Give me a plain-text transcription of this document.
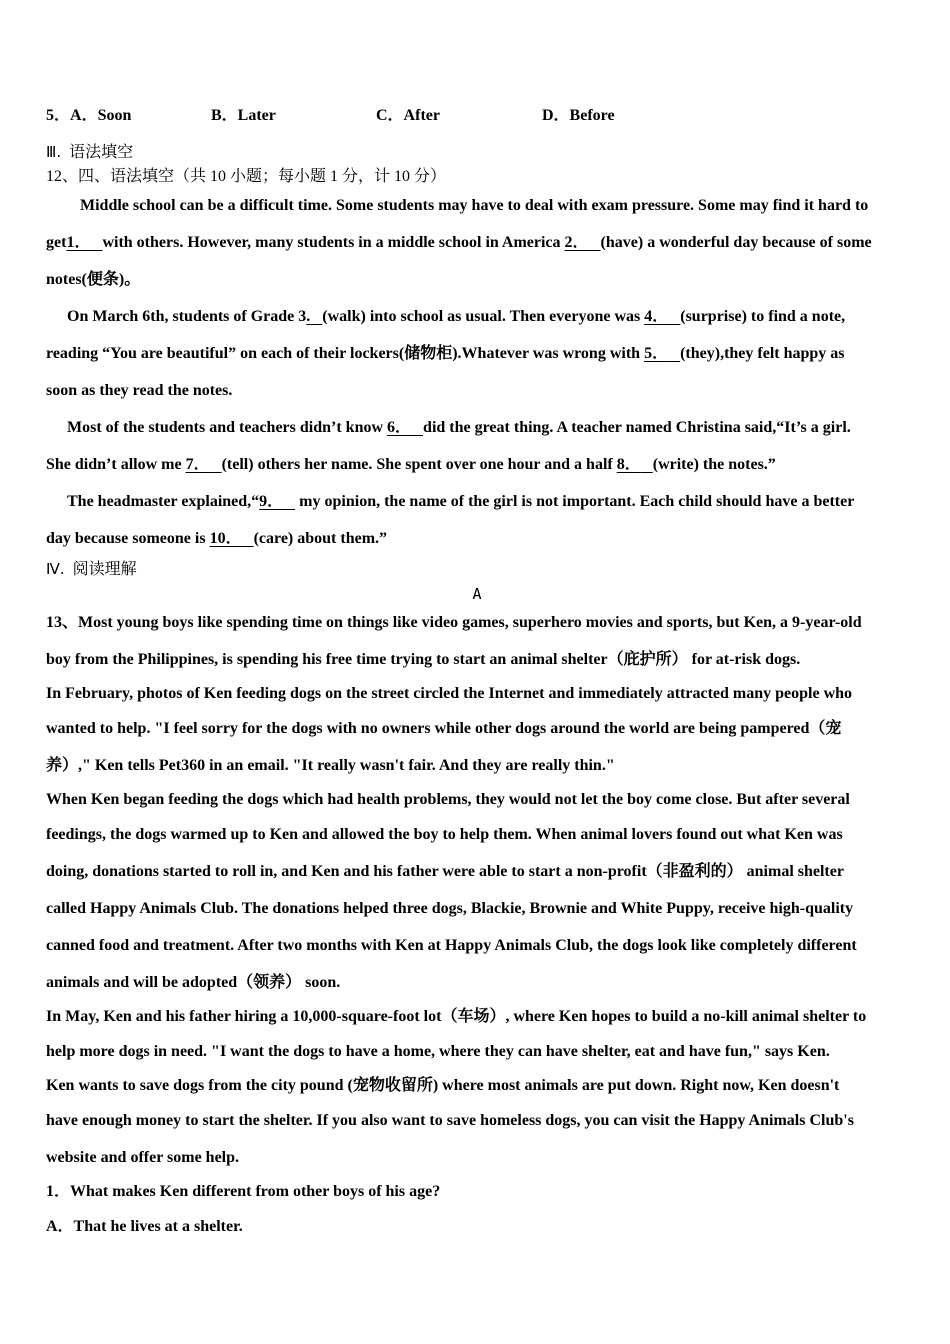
5．A．Soon	B．Later	C．After	D．Before
Ⅲ. 语法填空
12、四、语法填空（共 10 小题；每小题 1 分，计 10 分）

Middle school can be a difficult time. Some students may have to deal with exam pressure. Some may find it hard to

get1． with others. However, many students in a middle school in America 2． (have) a wonderful day because of some

notes(便条)。

On March 6th, students of Grade 3. (walk) into school as usual. Then everyone was 4． (surprise) to find a note,

reading “You are beautiful” on each of their lockers(储物柜).Whatever was wrong with 5． (they),they felt happy as

soon as they read the notes.

Most of the students and teachers didn’t know 6． did the great thing. A teacher named Christina said,“It’s a girl.

She didn’t allow me 7． (tell) others her name. She spent over one hour and a half 8． (write) the notes.”

The headmaster explained,“9．    my opinion, the name of the girl is not important. Each child should have a better

day because someone is 10． (care) about them.”

Ⅳ. 阅读理解
A

13、Most young boys like spending time on things like video games, superhero movies and sports, but Ken, a 9-year-old

boy from the Philippines, is spending his free time trying to start an animal shelter（庇护所） for at-risk dogs.

In February, photos of Ken feeding dogs on the street circled the Internet and immediately attracted many people who

wanted to help. "I feel sorry for the dogs with no owners while other dogs around the world are being pampered（宠

养）," Ken tells Pet360 in an email. "It really wasn't fair. And they are really thin."

When Ken began feeding the dogs which had health problems, they would not let the boy come close. But after several

feedings, the dogs warmed up to Ken and allowed the boy to help them. When animal lovers found out what Ken was

doing, donations started to roll in, and Ken and his father were able to start a non-profit（非盈利的） animal shelter

called Happy Animals Club. The donations helped three dogs, Blackie, Brownie and White Puppy, receive high-quality

canned food and treatment. After two months with Ken at Happy Animals Club, the dogs look like completely different

animals and will be adopted（领养） soon.

In May, Ken and his father hiring a 10,000-square-foot lot（车场）, where Ken hopes to build a no-kill animal shelter to

help more dogs in need. "I want the dogs to have a home, where they can have shelter, eat and have fun," says Ken.

Ken wants to save dogs from the city pound (宠物收留所) where most animals are put down. Right now, Ken doesn't

have enough money to start the shelter. If you also want to save homeless dogs, you can visit the Happy Animals Club's

website and offer some help.

1．What makes Ken different from other boys of his age?

A．That he lives at a shelter.
